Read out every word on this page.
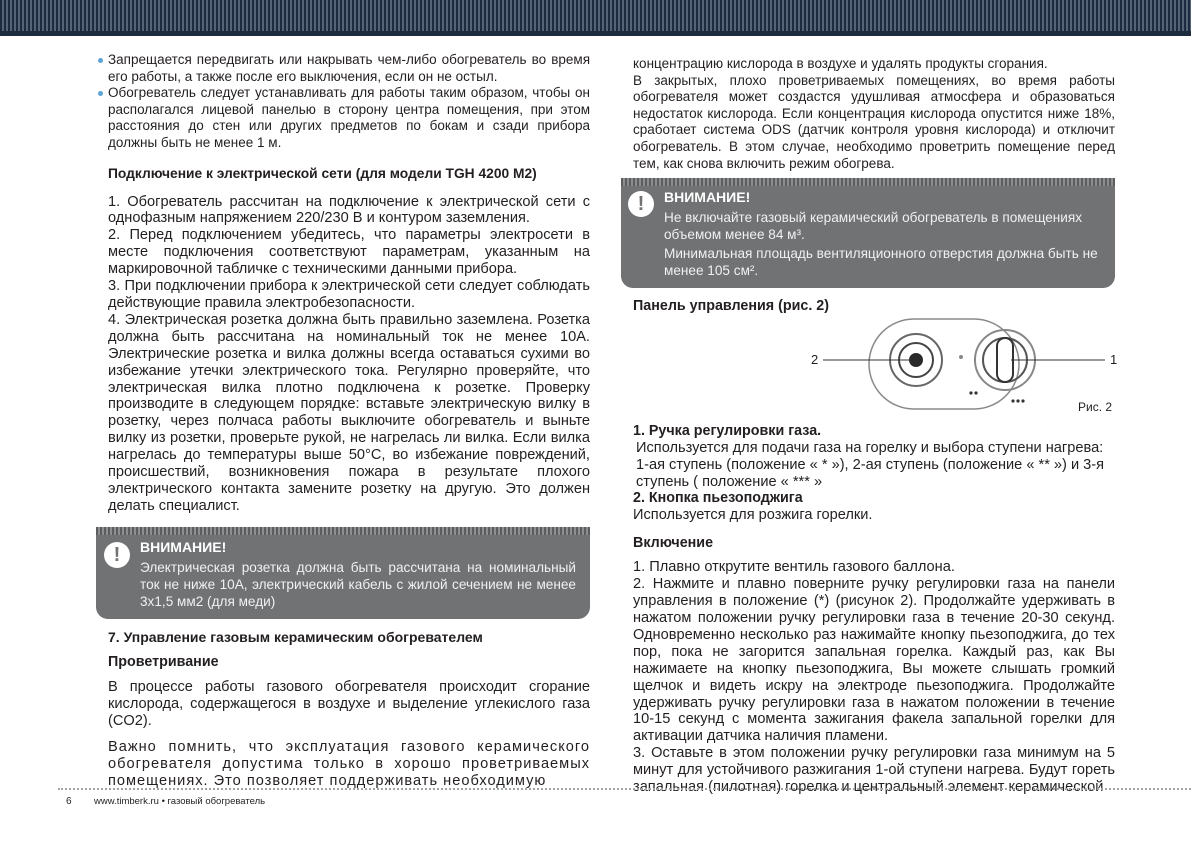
Запрещается передвигать или накрывать чем-либо обогреватель во время его работы, а также после его выключения, если он не остыл.
Обогреватель следует устанавливать для работы таким образом, чтобы он располагался лицевой панелью в сторону центра помещения, при этом расстояния до стен или других предметов по бокам и сзади прибора должны быть не менее 1 м.
Подключение к электрической сети (для модели TGH 4200 M2)

1. Обогреватель рассчитан на подключение к электрической сети с однофазным напряжением 220/230 В и контуром заземления.

2. Перед подключением убедитесь, что параметры электросети в месте подключения соответствуют параметрам, указанным на маркировочной табличке с техническими данными прибора.

3. При подключении прибора к электрической сети следует соблюдать действующие правила электробезопасности.

4. Электрическая розетка должна быть правильно заземлена. Розетка должна быть рассчитана на номинальный ток не менее 10А. Электрические розетка и вилка должны всегда оставаться сухими во избежание утечки электрического тока. Регулярно проверяйте, что электрическая вилка плотно подключена к розетке. Проверку производите в следующем порядке: вставьте электрическую вилку в розетку, через полчаса работы выключите обогреватель и выньте вилку из розетки, проверьте рукой, не нагрелась ли вилка. Если вилка нагрелась до температуры выше 50°С, во избежание повреждений, происшествий, возникновения пожара в результате плохого электрического контакта замените розетку на другую. Это должен делать специалист.

!	ВНИМАНИЕ!
Электрическая розетка должна быть рассчитана на номинальный ток не ниже 10А, электрический кабель с жилой сечением не менее 3х1,5 мм2 (для меди)
7. Управление газовым керамическим обогревателем
Проветривание

В процессе работы газового обогревателя происходит сгорание кислорода, содержащегося в воздухе и выделение углекислого газа (CO2).

Важно помнить, что эксплуатация газового керамического обогревателя допустима только в хорошо проветриваемых помещениях. Это позволяет поддерживать необходимую

концентрацию кислорода в воздухе и удалять продукты сгорания.

В закрытых, плохо проветриваемых помещениях, во время работы обогревателя может создастся удушливая атмосфера и образоваться недостаток кислорода. Если концентрация кислорода опустится ниже 18%, сработает система ODS (датчик контроля уровня кислорода) и отключит обогреватель. В этом случае, необходимо проветрить помещение перед тем, как снова включить режим обогрева.

!	ВНИМАНИЕ!
Не включайте газовый керамический обогреватель в помещениях объемом менее 84 м³.
Минимальная площадь вентиляционного отверстия должна быть не менее 105 см².
Панель управления (рис. 2)
2	1
Рис. 2
1. Ручка регулировки газа.

Используется для подачи газа на горелку и выбора ступени нагрева: 1-ая ступень (положение « * »), 2-ая ступень (положение « ** ») и 3-я ступень ( положение « *** »

2. Кнопка пьезоподжига

Используется для розжига горелки.

Включение

1. Плавно открутите вентиль газового баллона.

2. Нажмите и плавно поверните ручку регулировки газа на панели управления в положение (*) (рисунок 2). Продолжайте удерживать в нажатом положении ручку регулировки газа в течение 20-30 секунд. Одновременно несколько раз нажимайте кнопку пьезоподжига, до тех пор, пока не загорится запальная горелка. Каждый раз, как Вы нажимаете на кнопку пьезоподжига, Вы можете слышать громкий щелчок и видеть искру на электроде пьезоподжига. Продолжайте удерживать ручку регулировки газа в нажатом положении в течение 10-15 секунд с момента зажигания факела запальной горелки для активации датчика наличия пламени.

3. Оставьте в этом положении ручку регулировки газа минимум на 5 минут для устойчивого разжигания 1-ой ступени нагрева. Будут гореть запальная (пилотная) горелка и центральный элемент керамической

6 www.timberk.ru • газовый обогреватель
